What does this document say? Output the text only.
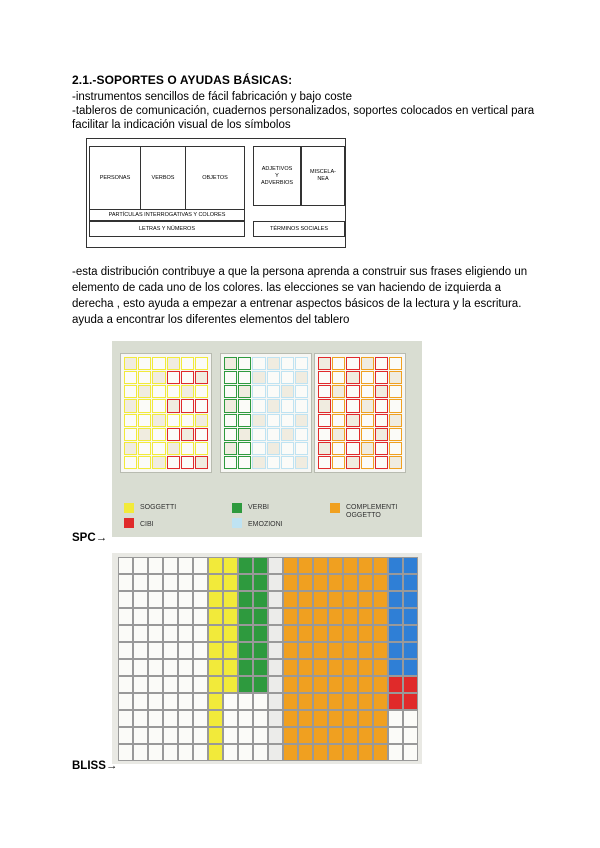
2.1.-SOPORTES O AYUDAS BÁSICAS:
-instrumentos sencillos de fácil fabricación y bajo coste
-tableros de comunicación, cuadernos personalizados, soportes colocados en vertical para
facilitar la indicación visual de los símbolos
PERSONAS	VERBOS	OBJETOS
ADJETIVOS
Y
ADVERBIOS
MISCELA-
NEA
PARTÍCULAS INTERROGATIVAS Y COLORES
LETRAS Y NÚMEROS	TÉRMINOS SOCIALES
-esta distribución contribuye a que la persona aprenda a construir sus frases eligiendo un
elemento de cada uno de los colores. las elecciones se van haciendo de izquierda a
derecha , esto ayuda a empezar a entrenar aspectos básicos de la lectura y la escritura.
ayuda a encontrar los diferentes elementos del tablero
SOGGETTI
CIBI
VERBI
EMOZIONI
COMPLEMENTI
OGGETTO
SPC→
BLISS→
